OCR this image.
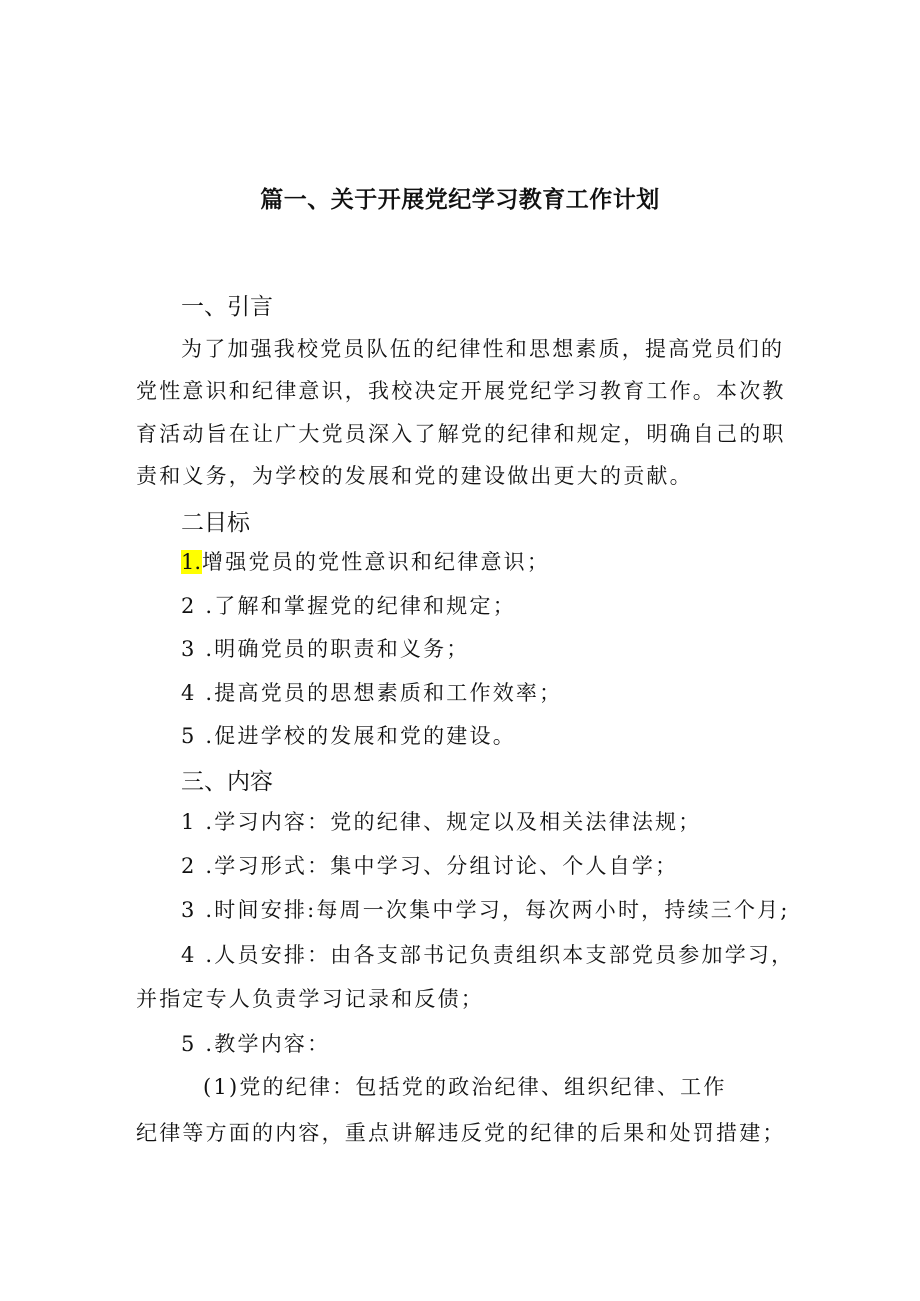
篇一、关于开展党纪学习教育工作计划
一、引言
为了加强我校党员队伍的纪律性和思想素质，提高党员们的
党性意识和纪律意识，我校决定开展党纪学习教育工作。本次教
育活动旨在让广大党员深入了解党的纪律和规定，明确自己的职
责和义务，为学校的发展和党的建设做出更大的贡献。
二目标
1.增强党员的党性意识和纪律意识；
2 .了解和掌握党的纪律和规定；
3 .明确党员的职责和义务；
4 .提高党员的思想素质和工作效率；
5 .促进学校的发展和党的建设。
三、内容
1 .学习内容：党的纪律、规定以及相关法律法规；
2 .学习形式：集中学习、分组讨论、个人自学；
3 .时间安排:每周一次集中学习，每次两小时，持续三个月;
4 .人员安排：由各支部书记负责组织本支部党员参加学习，
并指定专人负责学习记录和反债；
5 .教学内容：
(1)党的纪律：包括党的政治纪律、组织纪律、工作
纪律等方面的内容，重点讲解违反党的纪律的后果和处罚措建；
